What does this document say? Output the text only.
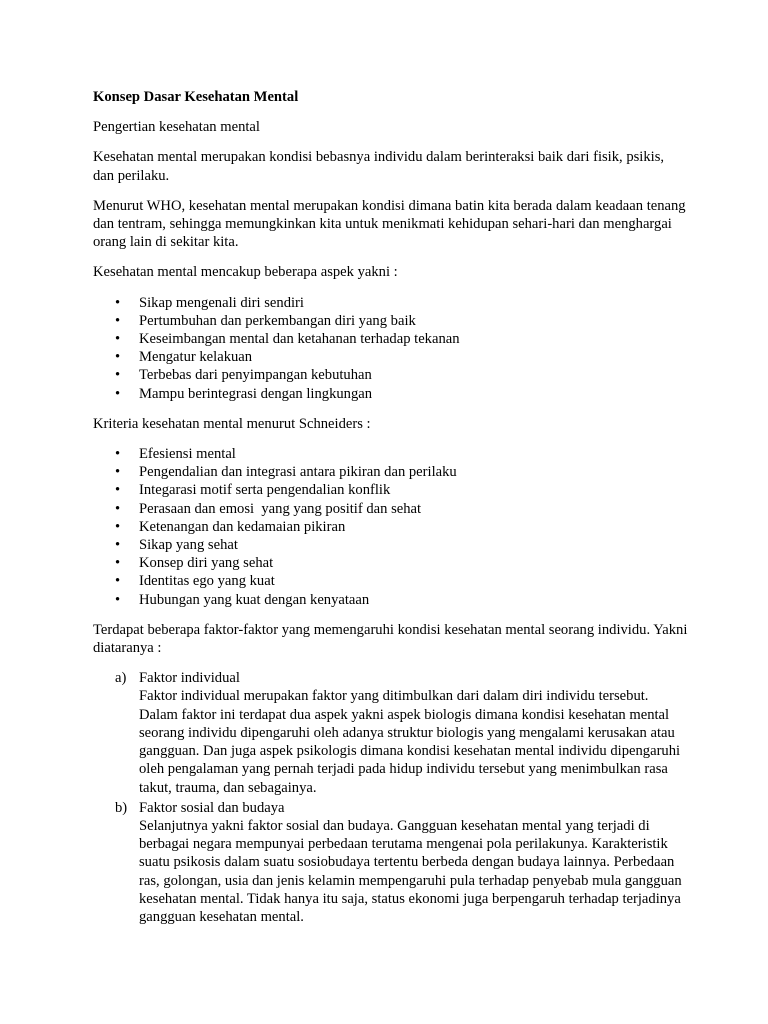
Konsep Dasar Kesehatan Mental

Pengertian kesehatan mental

Kesehatan mental merupakan kondisi bebasnya individu dalam berinteraksi baik dari fisik, psikis, dan perilaku.

Menurut WHO, kesehatan mental merupakan kondisi dimana batin kita berada dalam keadaan tenang dan tentram, sehingga memungkinkan kita untuk menikmati kehidupan sehari-hari dan menghargai orang lain di sekitar kita.

Kesehatan mental mencakup beberapa aspek yakni :

• Sikap mengenali diri sendiri
• Pertumbuhan dan perkembangan diri yang baik
• Keseimbangan mental dan ketahanan terhadap tekanan
• Mengatur kelakuan
• Terbebas dari penyimpangan kebutuhan
• Mampu berintegrasi dengan lingkungan

Kriteria kesehatan mental menurut Schneiders :

• Efesiensi mental
• Pengendalian dan integrasi antara pikiran dan perilaku
• Integarasi motif serta pengendalian konflik
• Perasaan dan emosi  yang yang positif dan sehat
• Ketenangan dan kedamaian pikiran
• Sikap yang sehat
• Konsep diri yang sehat
• Identitas ego yang kuat
• Hubungan yang kuat dengan kenyataan

Terdapat beberapa faktor-faktor yang memengaruhi kondisi kesehatan mental seorang individu. Yakni diataranya :

a) Faktor individual
Faktor individual merupakan faktor yang ditimbulkan dari dalam diri individu tersebut. Dalam faktor ini terdapat dua aspek yakni aspek biologis dimana kondisi kesehatan mental seorang individu dipengaruhi oleh adanya struktur biologis yang mengalami kerusakan atau gangguan. Dan juga aspek psikologis dimana kondisi kesehatan mental individu dipengaruhi oleh pengalaman yang pernah terjadi pada hidup individu tersebut yang menimbulkan rasa takut, trauma, dan sebagainya.
b) Faktor sosial dan budaya
Selanjutnya yakni faktor sosial dan budaya. Gangguan kesehatan mental yang terjadi di berbagai negara mempunyai perbedaan terutama mengenai pola perilakunya. Karakteristik suatu psikosis dalam suatu sosiobudaya tertentu berbeda dengan budaya lainnya. Perbedaan ras, golongan, usia dan jenis kelamin mempengaruhi pula terhadap penyebab mula gangguan kesehatan mental. Tidak hanya itu saja, status ekonomi juga berpengaruh terhadap terjadinya gangguan kesehatan mental.
